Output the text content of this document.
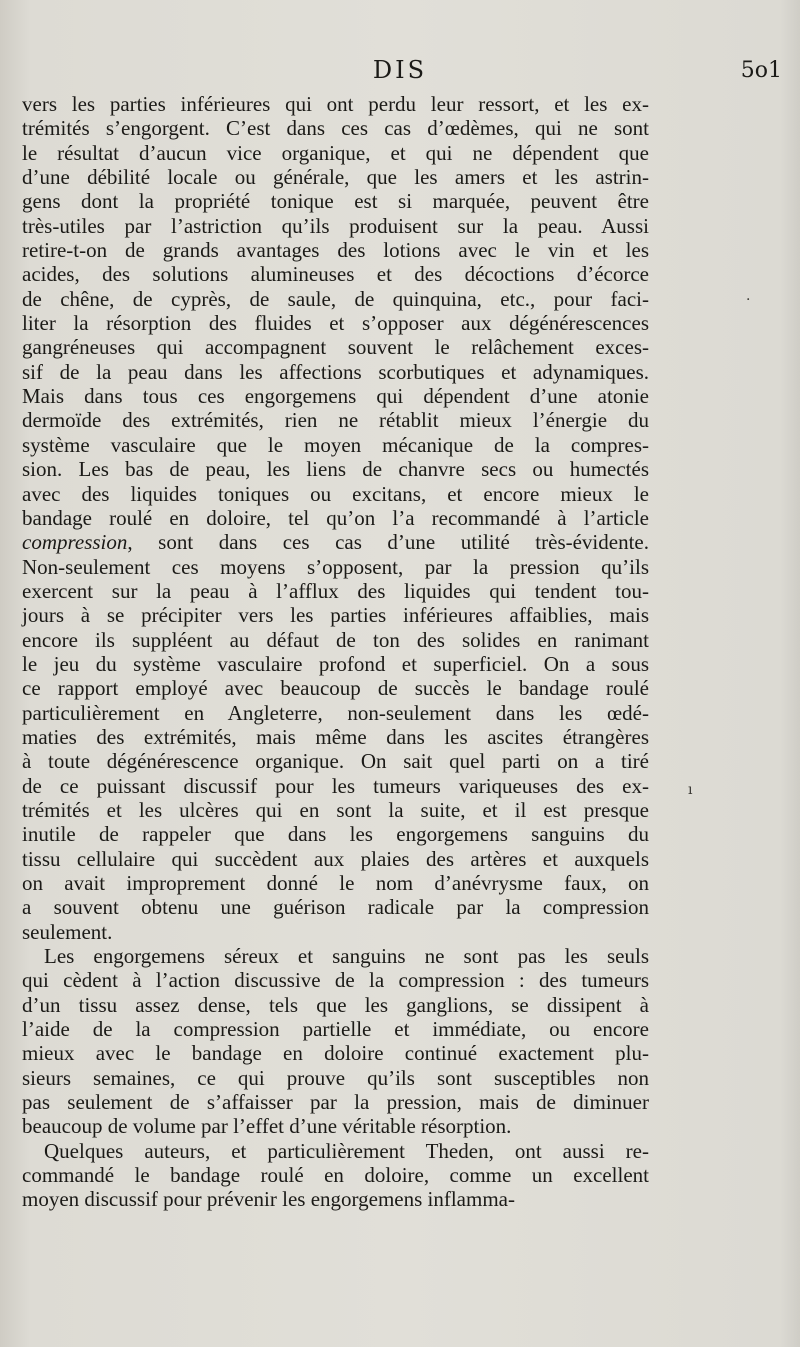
DIS	5o1
vers les parties inférieures qui ont perdu leur ressort, et les ex-
trémités s’engorgent. C’est dans ces cas d’œdèmes, qui ne sont
le résultat d’aucun vice organique, et qui ne dépendent que
d’une débilité locale ou générale, que les amers et les astrin-
gens dont la propriété tonique est si marquée, peuvent être
très-utiles par l’astriction qu’ils produisent sur la peau. Aussi
retire-t-on de grands avantages des lotions avec le vin et les
acides, des solutions alumineuses et des décoctions d’écorce
de chêne, de cyprès, de saule, de quinquina, etc., pour faci-
liter la résorption des fluides et s’opposer aux dégénérescences
gangréneuses qui accompagnent souvent le relâchement exces-
sif de la peau dans les affections scorbutiques et adynamiques.
Mais dans tous ces engorgemens qui dépendent d’une atonie
dermoïde des extrémités, rien ne rétablit mieux l’énergie du
système vasculaire que le moyen mécanique de la compres-
sion. Les bas de peau, les liens de chanvre secs ou humectés
avec des liquides toniques ou excitans, et encore mieux le
bandage roulé en doloire, tel qu’on l’a recommandé à l’article
compression, sont dans ces cas d’une utilité très-évidente.
Non-seulement ces moyens s’opposent, par la pression qu’ils
exercent sur la peau à l’afflux des liquides qui tendent tou-
jours à se précipiter vers les parties inférieures affaiblies, mais
encore ils suppléent au défaut de ton des solides en ranimant
le jeu du système vasculaire profond et superficiel. On a sous
ce rapport employé avec beaucoup de succès le bandage roulé
particulièrement en Angleterre, non-seulement dans les œdé-
maties des extrémités, mais même dans les ascites étrangères
à toute dégénérescence organique. On sait quel parti on a tiré
de ce puissant discussif pour les tumeurs variqueuses des ex-
trémités et les ulcères qui en sont la suite, et il est presque
inutile de rappeler que dans les engorgemens sanguins du
tissu cellulaire qui succèdent aux plaies des artères et auxquels
on avait improprement donné le nom d’anévrysme faux, on
a souvent obtenu une guérison radicale par la compression
seulement.
Les engorgemens séreux et sanguins ne sont pas les seuls
qui cèdent à l’action discussive de la compression : des tumeurs
d’un tissu assez dense, tels que les ganglions, se dissipent à
l’aide de la compression partielle et immédiate, ou encore
mieux avec le bandage en doloire continué exactement plu-
sieurs semaines, ce qui prouve qu’ils sont susceptibles non
pas seulement de s’affaisser par la pression, mais de diminuer
beaucoup de volume par l’effet d’une véritable résorption.
Quelques auteurs, et particulièrement Theden, ont aussi re-
commandé le bandage roulé en doloire, comme un excellent
moyen discussif pour prévenir les engorgemens inflamma-
·
ı
